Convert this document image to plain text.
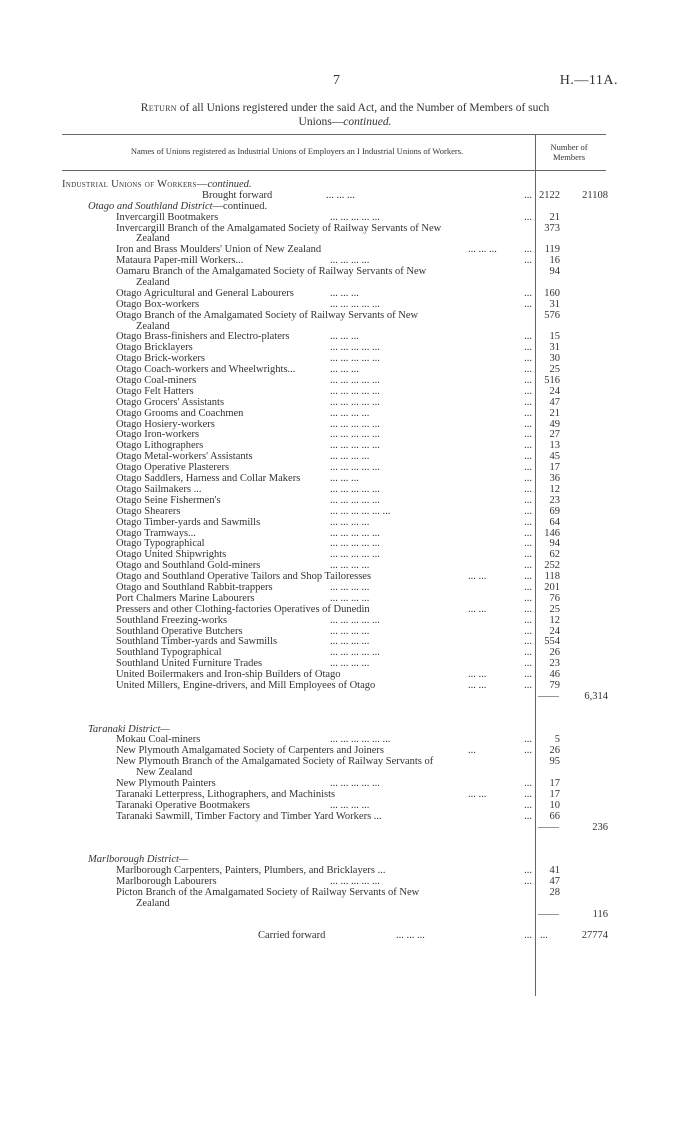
7	H.—11A.
Return of all Unions registered under the said Act, and the Number of Members of such
Unions—continued.
Names of Unions registered as Industrial Unions of Employers an I Industrial Unions of Workers.	Number of
Members
Industrial Unions of Workers—continued.
Brought forward	... ... ...	... 2122 21108
Otago and Southland District—continued.
Invercargill Bootmakers	... ... ... ... ...	... 21
Invercargill Branch of the Amalgamated Society of Railway Servants of New	373
Zealand
Iron and Brass Moulders' Union of New Zealand	... ... ...	... 119
Mataura Paper-mill Workers...	... ... ... ...	... 16
Oamaru Branch of the Amalgamated Society of Railway Servants of New	94
Zealand
Otago Agricultural and General Labourers	... ... ...	... 160
Otago Box-workers	... ... ... ... ...	... 31
Otago Branch of the Amalgamated Society of Railway Servants of New	576
Zealand
Otago Brass-finishers and Electro-platers	... ... ...	... 15
Otago Bricklayers	... ... ... ... ...	... 31
Otago Brick-workers	... ... ... ... ...	... 30
Otago Coach-workers and Wheelwrights...	... ... ...	... 25
Otago Coal-miners	... ... ... ... ...	... 516
Otago Felt Hatters	... ... ... ... ...	... 24
Otago Grocers' Assistants	... ... ... ... ...	... 47
Otago Grooms and Coachmen	... ... ... ...	... 21
Otago Hosiery-workers	... ... ... ... ...	... 49
Otago Iron-workers	... ... ... ... ...	... 27
Otago Lithographers	... ... ... ... ...	... 13
Otago Metal-workers' Assistants	... ... ... ...	... 45
Otago Operative Plasterers	... ... ... ... ...	... 17
Otago Saddlers, Harness and Collar Makers	... ... ...	... 36
Otago Sailmakers ...	... ... ... ... ...	... 12
Otago Seine Fishermen's	... ... ... ... ...	... 23
Otago Shearers	... ... ... ... ... ...	... 69
Otago Timber-yards and Sawmills	... ... ... ...	... 64
Otago Tramways...	... ... ... ... ...	... 146
Otago Typographical	... ... ... ... ...	... 94
Otago United Shipwrights	... ... ... ... ...	... 62
Otago and Southland Gold-miners	... ... ... ...	... 252
Otago and Southland Operative Tailors and Shop Tailoresses	... ...	... 118
Otago and Southland Rabbit-trappers	... ... ... ...	... 201
Port Chalmers Marine Labourers	... ... ... ...	... 76
Pressers and other Clothing-factories Operatives of Dunedin	... ...	... 25
Southland Freezing-works	... ... ... ... ...	... 12
Southland Operative Butchers	... ... ... ...	... 24
Southland Timber-yards and Sawmills	... ... ... ...	... 554
Southland Typographical	... ... ... ... ...	... 26
Southland United Furniture Trades	... ... ... ...	... 23
United Boilermakers and Iron-ship Builders of Otago	... ...	... 46
United Millers, Engine-drivers, and Mill Employees of Otago	... ...	... 79
—— 6,314
Taranaki District—
Mokau Coal-miners	... ... ... ... ... ...	... 5
New Plymouth Amalgamated Society of Carpenters and Joiners	...	... 26
New Plymouth Branch of the Amalgamated Society of Railway Servants of	95
New Zealand
New Plymouth Painters	... ... ... ... ...	... 17
Taranaki Letterpress, Lithographers, and Machinists	... ...	... 17
Taranaki Operative Bootmakers	... ... ... ...	... 10
Taranaki Sawmill, Timber Factory and Timber Yard Workers ...	... 66
——	236
Marlborough District—
Marlborough Carpenters, Painters, Plumbers, and Bricklayers ...	... 41
Marlborough Labourers	... ... ... ... ...	... 47
Picton Branch of the Amalgamated Society of Railway Servants of New	28
Zealand
——	116
Carried forward	... ... ...	... ...	27774
